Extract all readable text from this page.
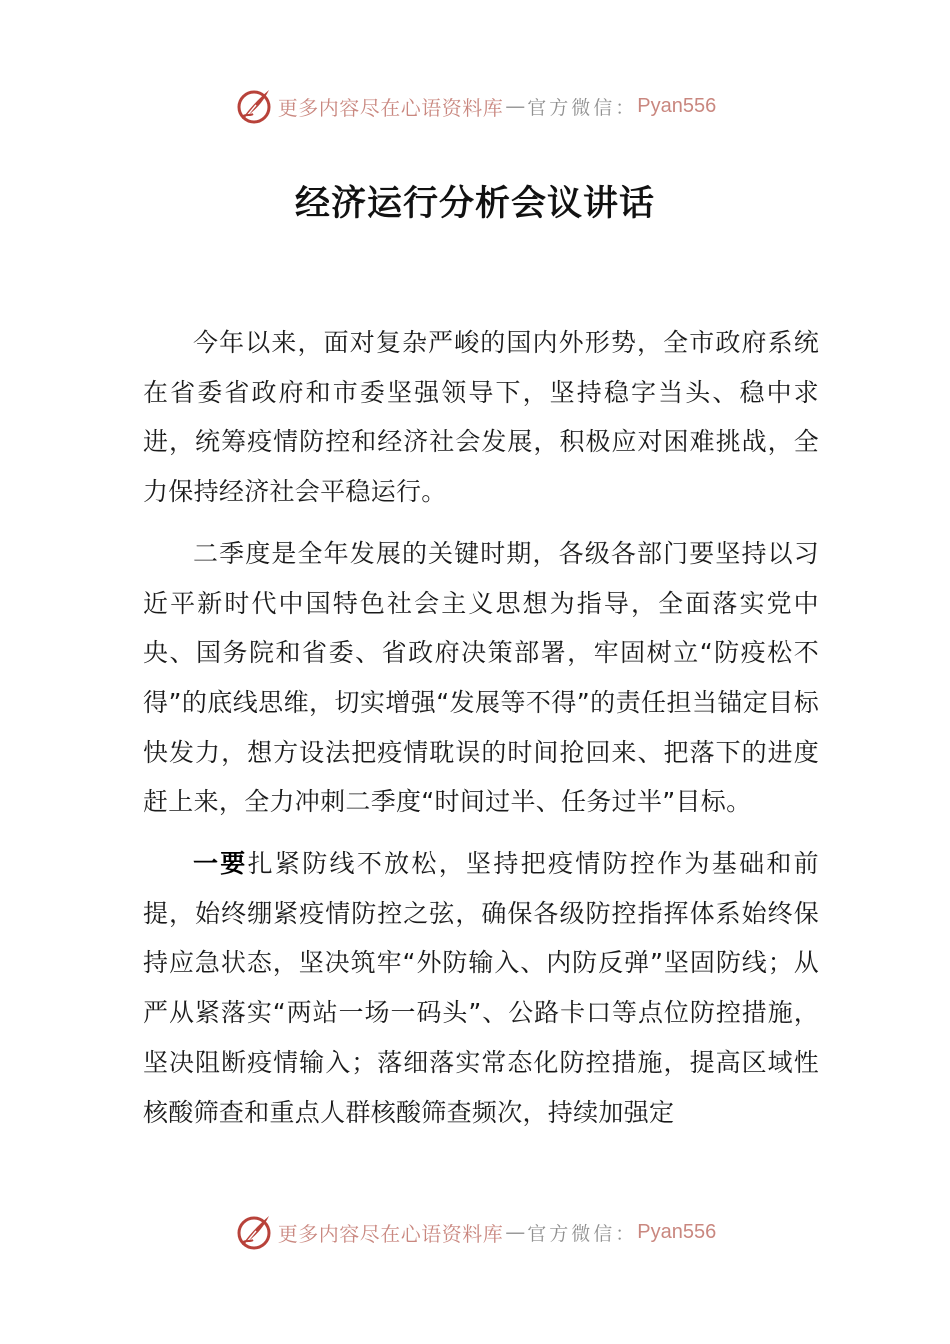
更多内容尽在心语资料库 — 官方微信： Pyan556
经济运行分析会议讲话

今年以来，面对复杂严峻的国内外形势，全市政府系统在省委省政府和市委坚强领导下，坚持稳字当头、稳中求进，统筹疫情防控和经济社会发展，积极应对困难挑战，全力保持经济社会平稳运行。

二季度是全年发展的关键时期，各级各部门要坚持以习近平新时代中国特色社会主义思想为指导，全面落实党中央、国务院和省委、省政府决策部署，牢固树立“防疫松不得”的底线思维，切实增强“发展等不得”的责任担当锚定目标快发力，想方设法把疫情耽误的时间抢回来、把落下的进度赶上来，全力冲刺二季度“时间过半、任务过半”目标。

一要扎紧防线不放松，坚持把疫情防控作为基础和前提，始终绷紧疫情防控之弦，确保各级防控指挥体系始终保持应急状态，坚决筑牢“外防输入、内防反弹”坚固防线；从严从紧落实“两站一场一码头”、公路卡口等点位防控措施，坚决阻断疫情输入；落细落实常态化防控措施，提高区域性核酸筛查和重点人群核酸筛查频次，持续加强定

更多内容尽在心语资料库 — 官方微信： Pyan556
